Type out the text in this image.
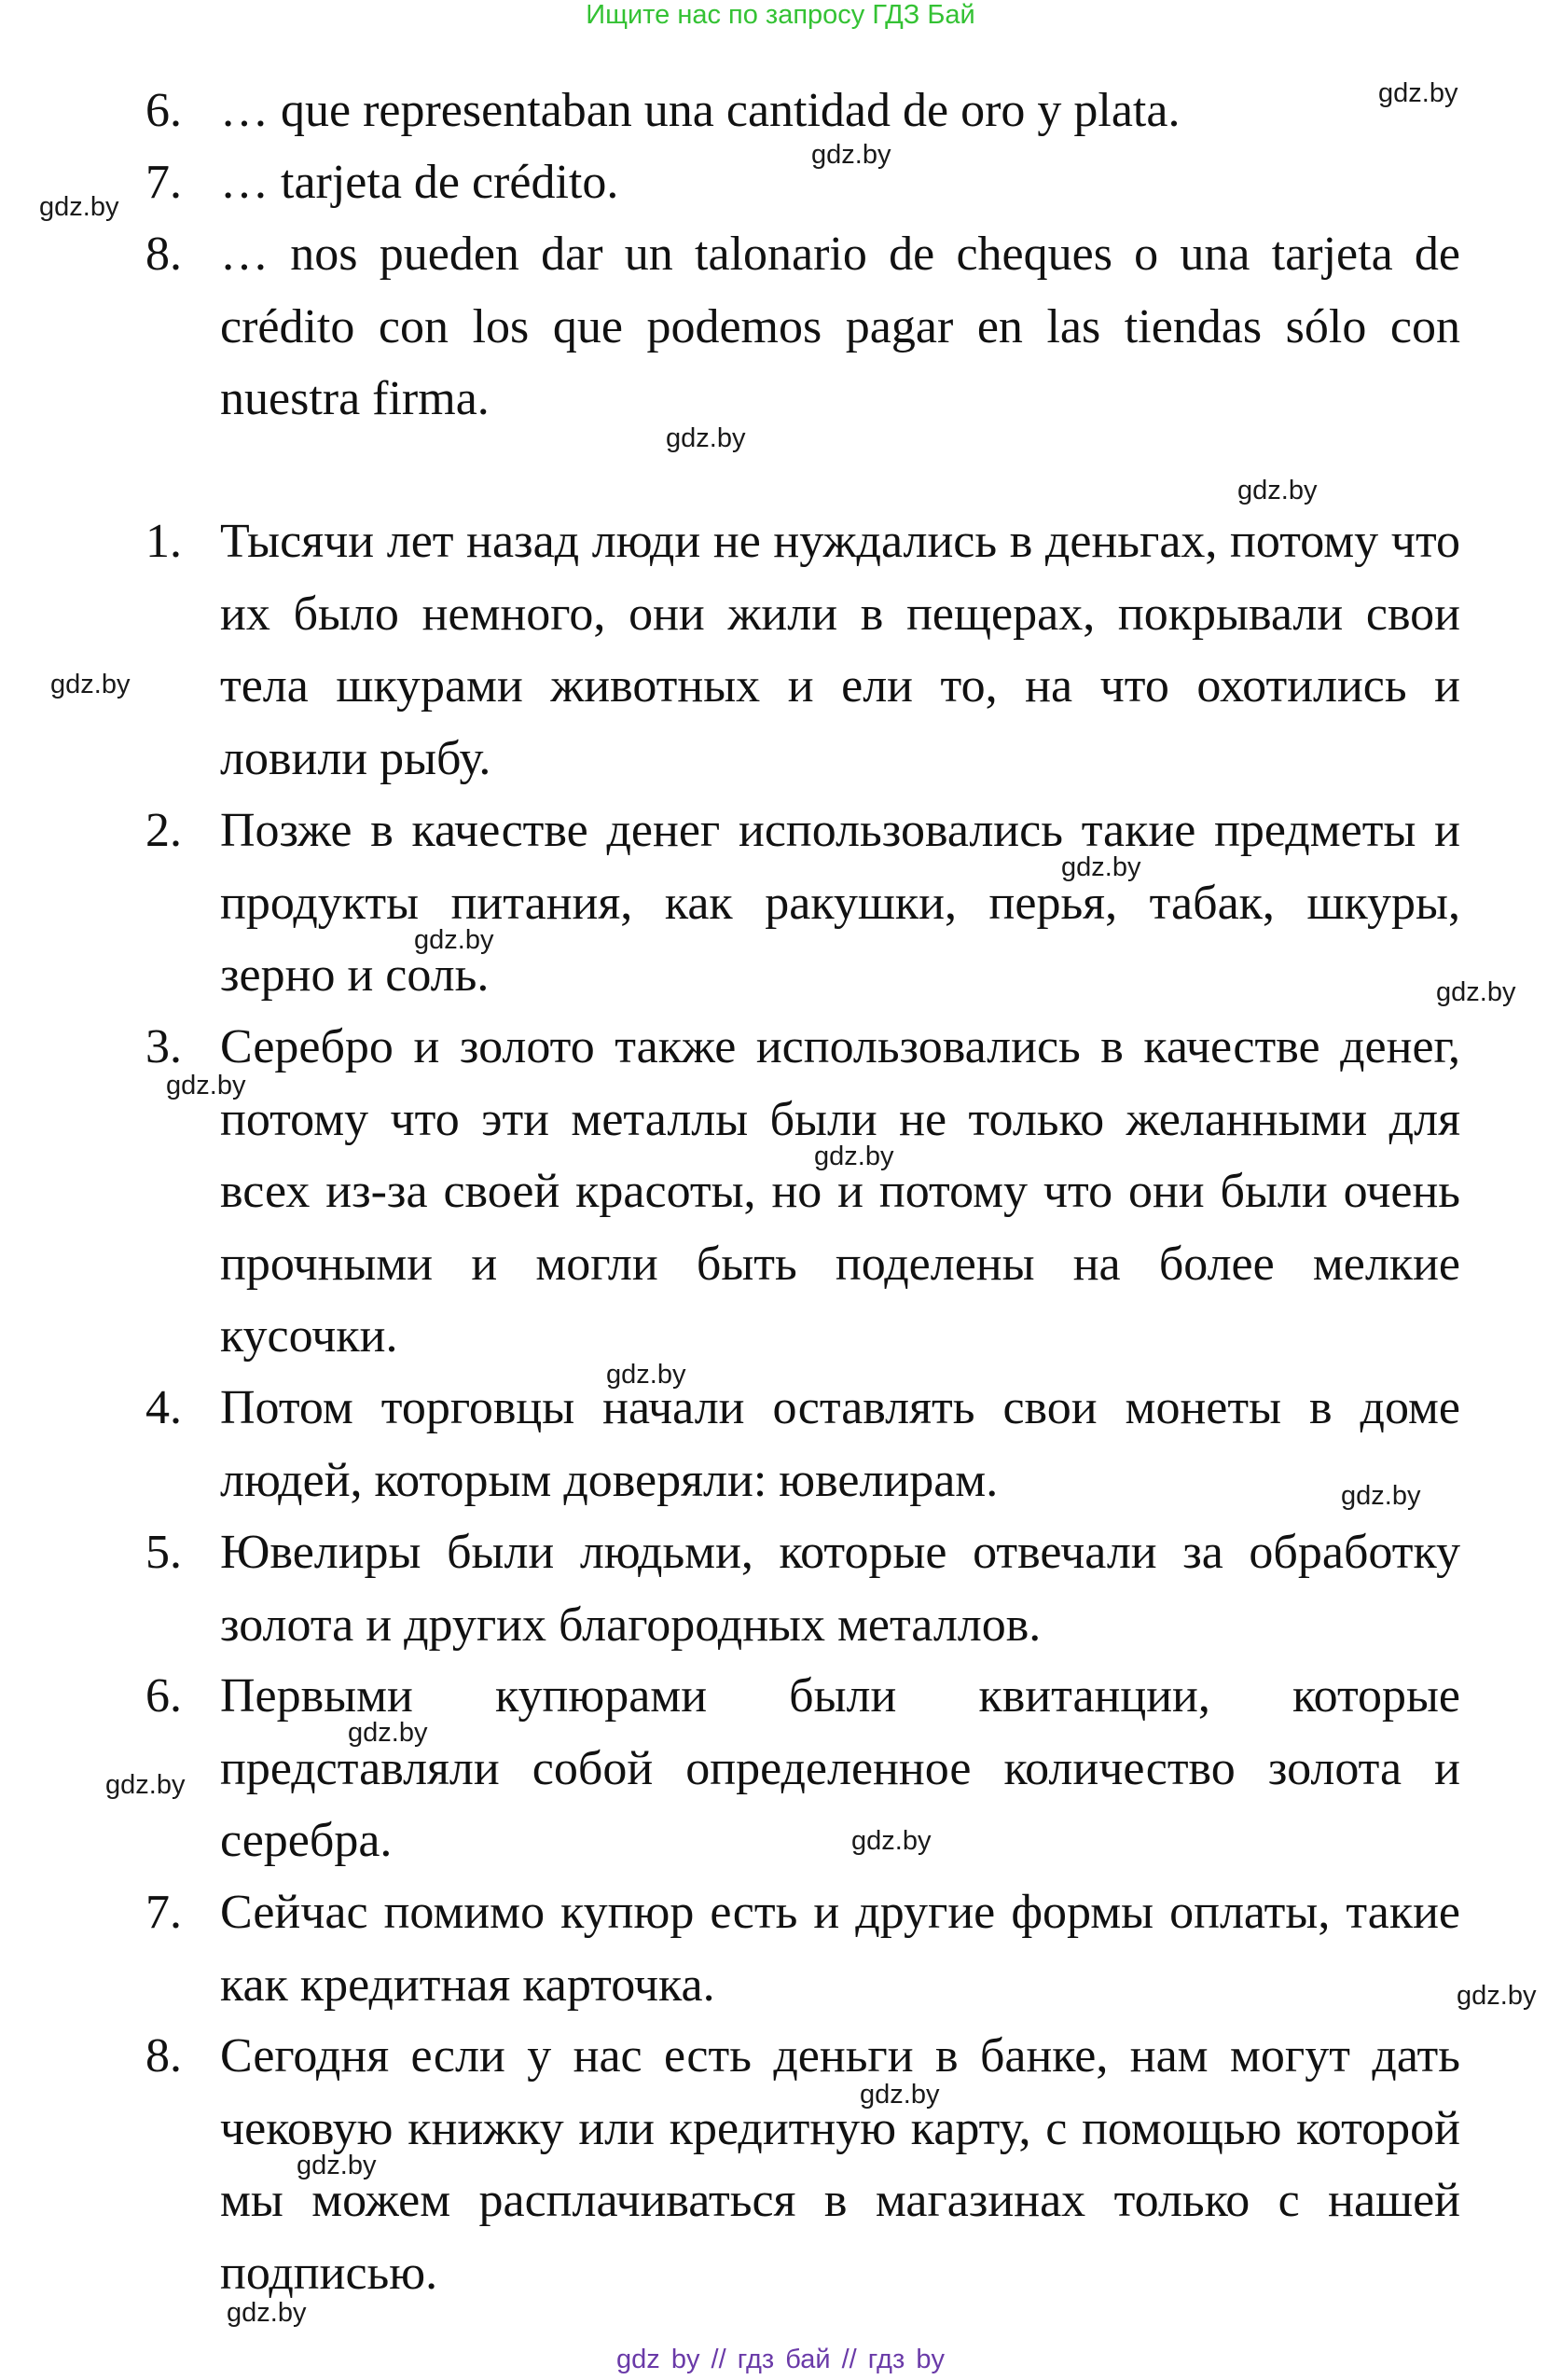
Ищите нас по запросу ГДЗ Бай
6. … que representaban una cantidad de oro y plata.
7. … tarjeta de crédito.
8. … nos pueden dar un talonario de cheques o una tarjeta de crédito con los que podemos pagar en las tiendas sólo con nuestra firma.
1. Тысячи лет назад люди не нуждались в деньгах, потому что их было немного, они жили в пещерах, покрывали свои тела шкурами животных и ели то, на что охотились и ловили рыбу.
2. Позже в качестве денег использовались такие предметы и продукты питания, как ракушки, перья, табак, шкуры, зерно и соль.
3. Серебро и золото также использовались в качестве денег, потому что эти металлы были не только желанными для всех из-за своей красоты, но и потому что они были очень прочными и могли быть поделены на более мелкие кусочки.
4. Потом торговцы начали оставлять свои монеты в доме людей, которым доверяли: ювелирам.
5. Ювелиры были людьми, которые отвечали за обработку золота и других благородных металлов.
6. Первыми купюрами были квитанции, которые представляли собой определенное количество золота и серебра.
7. Сейчас помимо купюр есть и другие формы оплаты, такие как кредитная карточка.
8. Сегодня если у нас есть деньги в банке, нам могут дать чековую книжку или кредитную карту, с помощью которой мы можем расплачиваться в магазинах только с нашей подписью.
gdz.by
gdz.by
gdz.by
gdz.by
gdz.by
gdz.by
gdz.by
gdz.by
gdz.by
gdz.by
gdz.by
gdz.by
gdz.by
gdz.by
gdz.by
gdz.by
gdz.by
gdz.by
gdz.by
gdz.by
gdz by // гдз бай // гдз by
